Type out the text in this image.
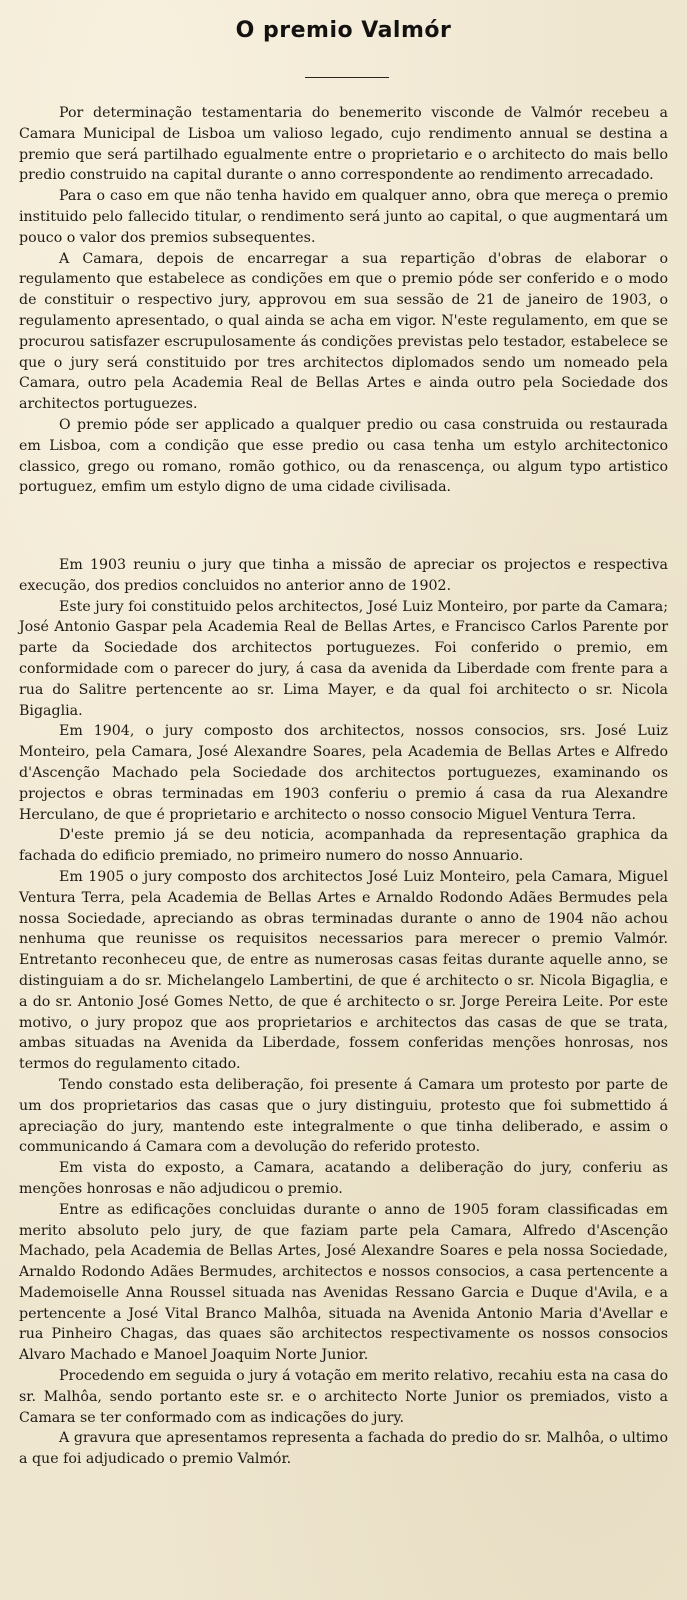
O premio Valmór

Por determinação testamentaria do benemerito visconde de Valmór recebeu a Camara Municipal de Lisboa um valioso legado, cujo rendimento annual se destina a premio que será partilhado egualmente entre o proprietario e o architecto do mais bello predio construido na capital durante o anno correspondente ao rendimento arrecadado.

Para o caso em que não tenha havido em qualquer anno, obra que mereça o premio instituido pelo fallecido titular, o rendimento será junto ao capital, o que augmentará um pouco o valor dos premios subsequentes.

A Camara, depois de encarregar a sua repartição d'obras de elaborar o regulamento que estabelece as condições em que o premio póde ser conferido e o modo de constituir o respectivo jury, approvou em sua sessão de 21 de janeiro de 1903, o regulamento apresentado, o qual ainda se acha em vigor. N'este regulamento, em que se procurou satisfazer escrupulosamente ás condições previstas pelo testador, estabelece se que o jury será constituido por tres architectos diplomados sendo um nomeado pela Camara, outro pela Academia Real de Bellas Artes e ainda outro pela Sociedade dos architectos portuguezes.

O premio póde ser applicado a qualquer predio ou casa construida ou restaurada em Lisboa, com a condição que esse predio ou casa tenha um estylo architectonico classico, grego ou romano, romão gothico, ou da renascença, ou algum typo artistico portuguez, emfim um estylo digno de uma cidade civilisada.

Em 1903 reuniu o jury que tinha a missão de apreciar os projectos e respectiva execução, dos predios concluidos no anterior anno de 1902.

Este jury foi constituido pelos architectos, José Luiz Monteiro, por parte da Camara; José Antonio Gaspar pela Academia Real de Bellas Artes, e Francisco Carlos Parente por parte da Sociedade dos architectos portuguezes. Foi conferido o premio, em conformidade com o parecer do jury, á casa da avenida da Liberdade com frente para a rua do Salitre pertencente ao sr. Lima Mayer, e da qual foi architecto o sr. Nicola Bigaglia.

Em 1904, o jury composto dos architectos, nossos consocios, srs. José Luiz Monteiro, pela Camara, José Alexandre Soares, pela Academia de Bellas Artes e Alfredo d'Ascenção Machado pela Sociedade dos architectos portuguezes, examinando os projectos e obras terminadas em 1903 conferiu o premio á casa da rua Alexandre Herculano, de que é proprietario e architecto o nosso consocio Miguel Ventura Terra.

D'este premio já se deu noticia, acompanhada da representação graphica da fachada do edificio premiado, no primeiro numero do nosso Annuario.

Em 1905 o jury composto dos architectos José Luiz Monteiro, pela Camara, Miguel Ventura Terra, pela Academia de Bellas Artes e Arnaldo Rodondo Adães Bermudes pela nossa Sociedade, apreciando as obras terminadas durante o anno de 1904 não achou nenhuma que reunisse os requisitos necessarios para merecer o premio Valmór. Entretanto reconheceu que, de entre as numerosas casas feitas durante aquelle anno, se distinguiam a do sr. Michelangelo Lambertini, de que é architecto o sr. Nicola Bigaglia, e a do sr. Antonio José Gomes Netto, de que é architecto o sr. Jorge Pereira Leite. Por este motivo, o jury propoz que aos proprietarios e architectos das casas de que se trata, ambas situadas na Avenida da Liberdade, fossem conferidas menções honrosas, nos termos do regulamento citado.

Tendo constado esta deliberação, foi presente á Camara um protesto por parte de um dos proprietarios das casas que o jury distinguiu, protesto que foi submettido á apreciação do jury, mantendo este integralmente o que tinha deliberado, e assim o communicando á Camara com a devolução do referido protesto.

Em vista do exposto, a Camara, acatando a deliberação do jury, conferiu as menções honrosas e não adjudicou o premio.

Entre as edificações concluidas durante o anno de 1905 foram classificadas em merito absoluto pelo jury, de que faziam parte pela Camara, Alfredo d'Ascenção Machado, pela Academia de Bellas Artes, José Alexandre Soares e pela nossa Sociedade, Arnaldo Rodondo Adães Bermudes, architectos e nossos consocios, a casa pertencente a Mademoiselle Anna Roussel situada nas Avenidas Ressano Garcia e Duque d'Avila, e a pertencente a José Vital Branco Malhôa, situada na Avenida Antonio Maria d'Avellar e rua Pinheiro Chagas, das quaes são architectos respectivamente os nossos consocios Alvaro Machado e Manoel Joaquim Norte Junior.

Procedendo em seguida o jury á votação em merito relativo, recahiu esta na casa do sr. Malhôa, sendo portanto este sr. e o architecto Norte Junior os premiados, visto a Camara se ter conformado com as indicações do jury.

A gravura que apresentamos representa a fachada do predio do sr. Malhôa, o ultimo a que foi adjudicado o premio Valmór.
